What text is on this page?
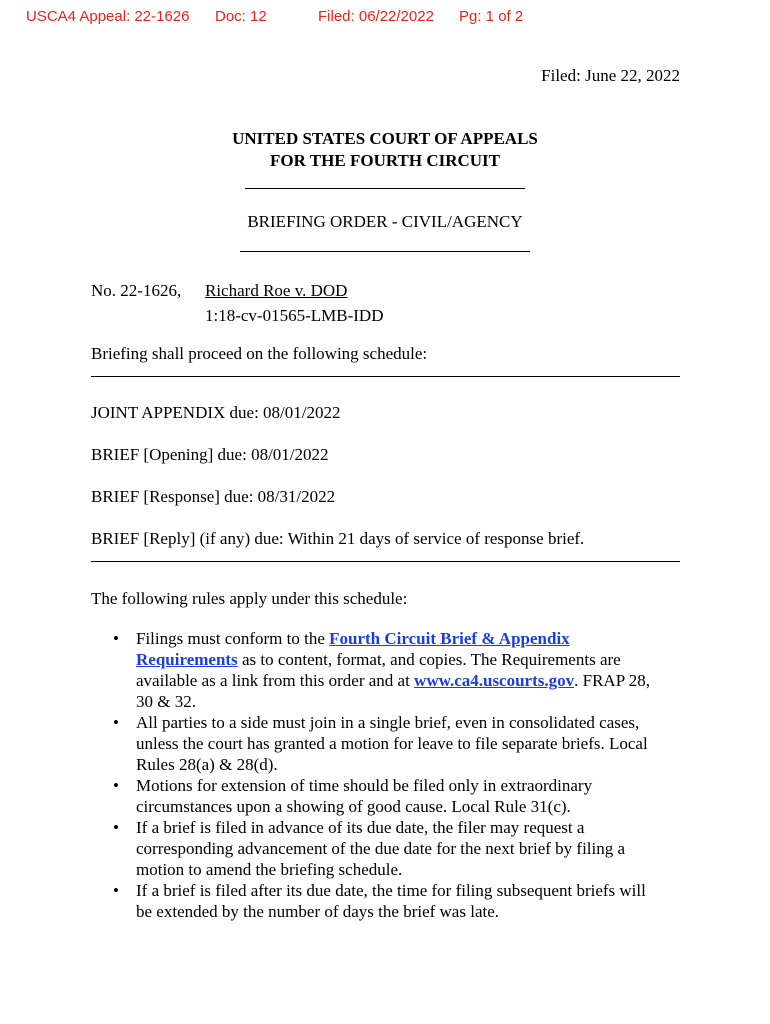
USCA4 Appeal: 22-1626 Doc: 12	Filed: 06/22/2022 Pg: 1 of 2
Filed: June 22, 2022
UNITED STATES COURT OF APPEALS
FOR THE FOURTH CIRCUIT
BRIEFING ORDER - CIVIL/AGENCY
No. 22-1626, Richard Roe v. DOD
1:18-cv-01565-LMB-IDD
Briefing shall proceed on the following schedule:
JOINT APPENDIX due: 08/01/2022
BRIEF [Opening] due: 08/01/2022
BRIEF [Response] due: 08/31/2022
BRIEF [Reply] (if any) due: Within 21 days of service of response brief.
The following rules apply under this schedule:
• Filings must conform to the Fourth Circuit Brief & Appendix
Requirements as to content, format, and copies. The Requirements are
available as a link from this order and at www.ca4.uscourts.gov. FRAP 28,
30 & 32.
• All parties to a side must join in a single brief, even in consolidated cases,
unless the court has granted a motion for leave to file separate briefs. Local
Rules 28(a) & 28(d).
• Motions for extension of time should be filed only in extraordinary
circumstances upon a showing of good cause. Local Rule 31(c).
• If a brief is filed in advance of its due date, the filer may request a
corresponding advancement of the due date for the next brief by filing a
motion to amend the briefing schedule.
• If a brief is filed after its due date, the time for filing subsequent briefs will
be extended by the number of days the brief was late.
